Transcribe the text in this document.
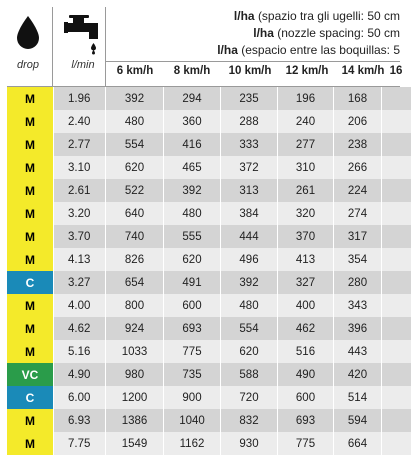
drop	l/min
l/ha (spazio tra gli ugelli: 50 cm
l/ha (nozzle spacing: 50 cm
l/ha (espacio entre las boquillas: 5
6 km/h	8 km/h	10 km/h	12 km/h	14 km/h 16
M	1.96	392	294	235	196	168
M	2.40	480	360	288	240	206
M	2.77	554	416	333	277	238
M	3.10	620	465	372	310	266
M	2.61	522	392	313	261	224
M	3.20	640	480	384	320	274
M	3.70	740	555	444	370	317
M	4.13	826	620	496	413	354
C	3.27	654	491	392	327	280
M	4.00	800	600	480	400	343
M	4.62	924	693	554	462	396
M	5.16	1033	775	620	516	443
VC	4.90	980	735	588	490	420
C	6.00	1200	900	720	600	514
M	6.93	1386	1040	832	693	594
M	7.75	1549	1162	930	775	664
